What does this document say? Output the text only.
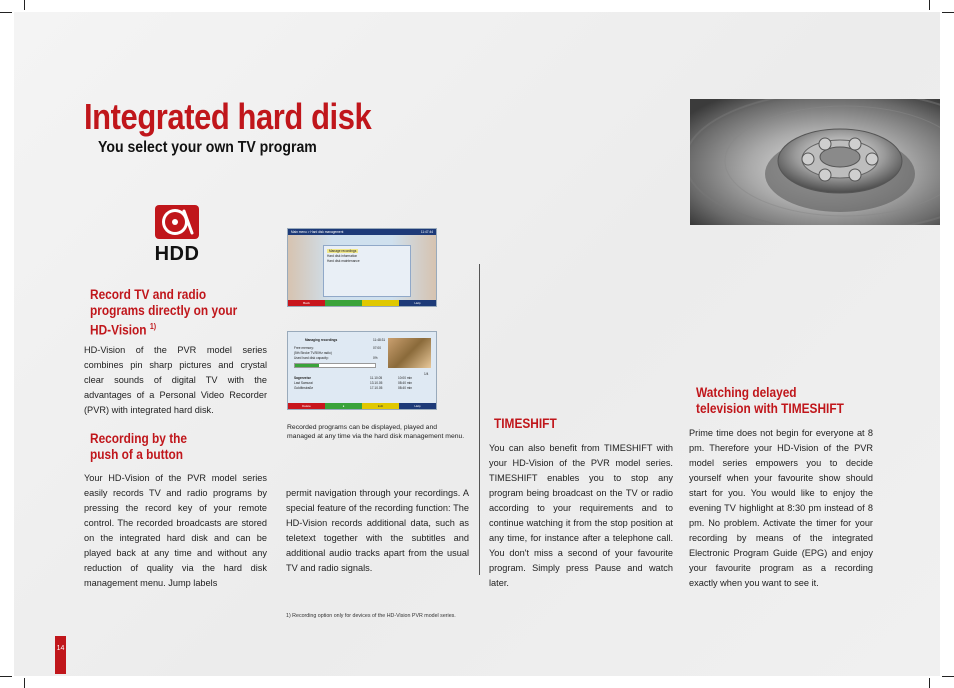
Integrated hard disk
You select your own TV program
HDD
Main menu > Hard disk management	11:47:44
Manage recordings
Hard disk information
Hard disk maintenance
Back	Help
Managing recordings	11:48:31
Free memory:	07:00
(5th Stroke TV/50Hz radio)
Used hard disk capacity:	0%
1/4
Sagenreise	11.10.05	10:00 min
Last Samurai	13.10.05	08:40 min
Goldfinstraße	17.10.05	08:40 min
Delete	●	Edit	Help
Recorded programs can be displayed, played and managed at any time via the hard disk management menu.
Record TV and radio programs directly on your HD-Vision $^{1)}$
HD-Vision of the PVR model series combines pin sharp pictures and crystal clear sounds of digital TV with the advantages of a Personal Video Recorder (PVR) with integrated hard disk.
Recording by the push of a button
Your HD-Vision of the PVR model series easily records TV and radio programs by pressing the record key of your remote control. The recorded broadcasts are stored on the integrated hard disk and can be played back at any time and without any reduction of quality via the hard disk management menu. Jump labels
permit navigation through your recordings. A special feature of the recording function: The HD-Vision records additional data, such as teletext together with the subtitles and additional audio tracks apart from the usual TV and radio signals.
TIMESHIFT
You can also benefit from TIMESHIFT with your HD-Vision of the PVR model series. TIMESHIFT enables you to stop any program being broadcast on the TV or radio according to your requirements and to continue watching it from the stop position at any time, for instance after a telephone call. You don't miss a second of your favourite program. Simply press Pause and watch later.
Watching delayed television with TIMESHIFT
Prime time does not begin for everyone at 8 pm. Therefore your HD-Vision of the PVR model series empowers you to decide yourself when your favourite show should start for you. You would like to enjoy the evening TV highlight at 8:30 pm instead of 8 pm. No problem. Activate the timer for your recording by means of the integrated Electronic Program Guide (EPG) and enjoy your favourite program as a recording exactly when you want to see it.
1) Recording option only for devices of the HD-Vision PVR model series.
14
